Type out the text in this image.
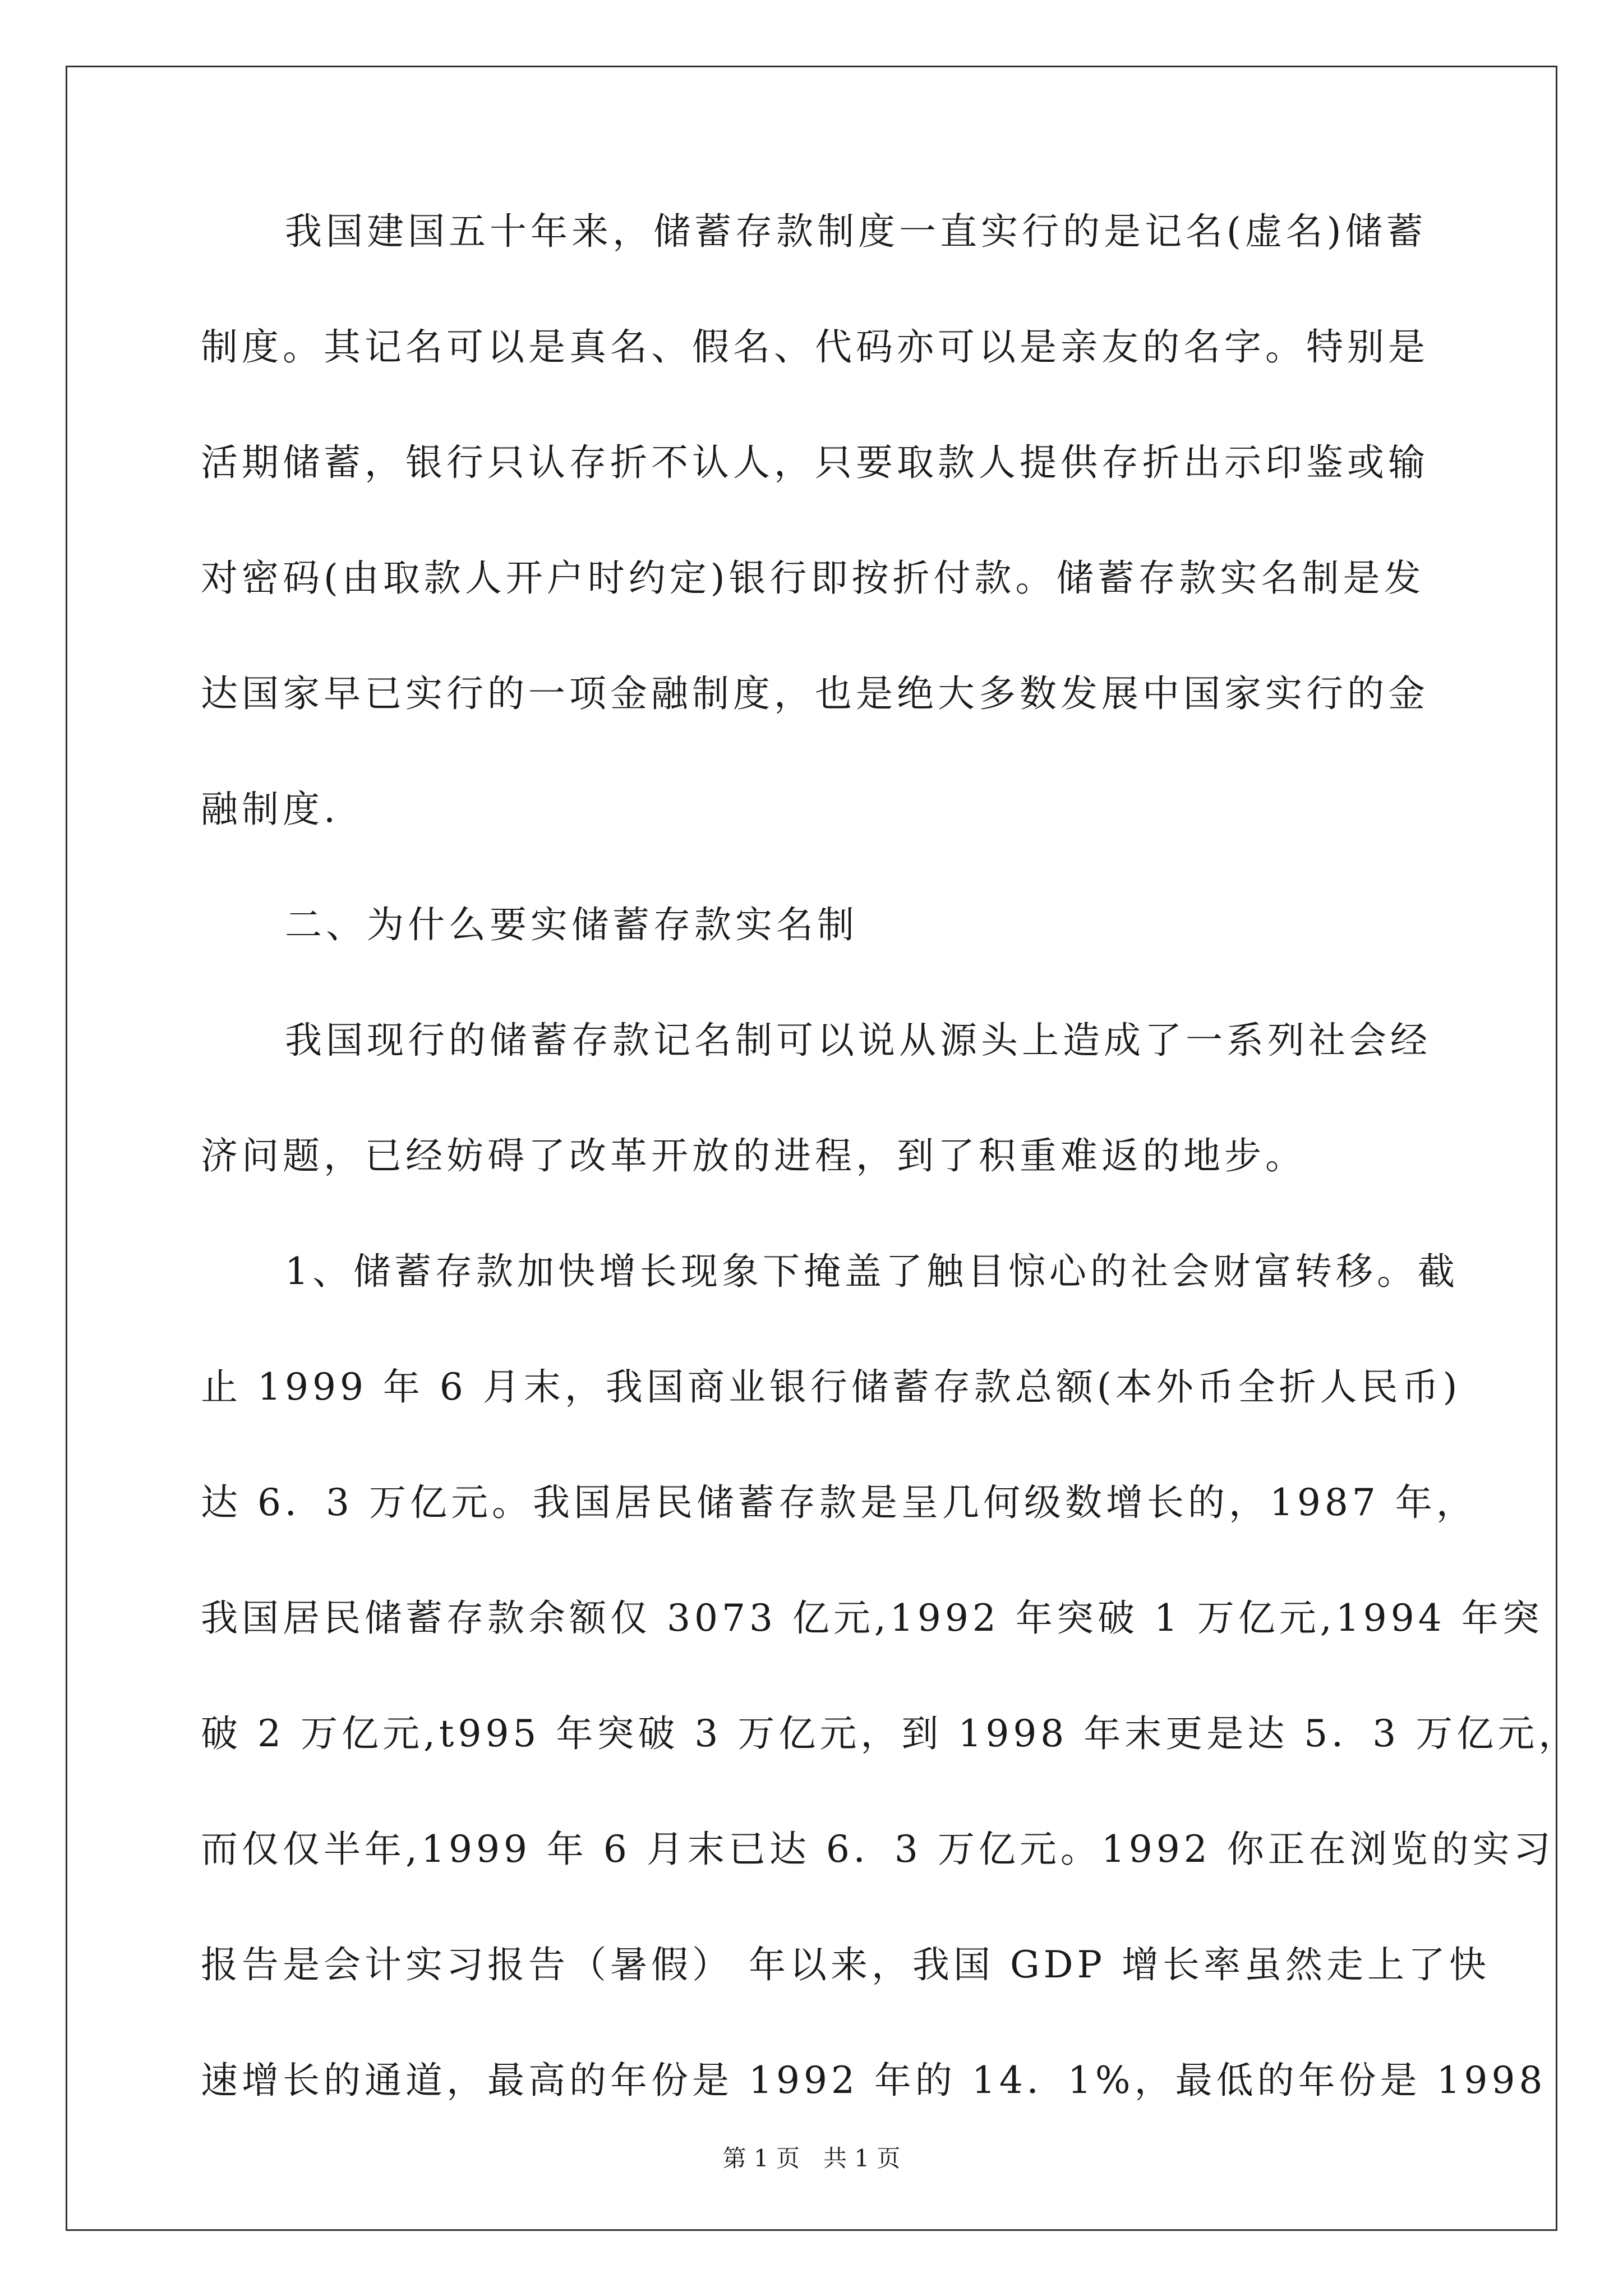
我国建国五十年来，储蓄存款制度一直实行的是记名(虚名)储蓄
制度。其记名可以是真名、假名、代码亦可以是亲友的名字。特别是
活期储蓄，银行只认存折不认人，只要取款人提供存折出示印鉴或输
对密码(由取款人开户时约定)银行即按折付款。储蓄存款实名制是发
达国家早已实行的一项金融制度，也是绝大多数发展中国家实行的金
融制度.
二、为什么要实储蓄存款实名制
我国现行的储蓄存款记名制可以说从源头上造成了一系列社会经
济问题，已经妨碍了改革开放的进程，到了积重难返的地步。
1、储蓄存款加快增长现象下掩盖了触目惊心的社会财富转移。截
止 1999 年 6 月末，我国商业银行储蓄存款总额(本外币全折人民币)
达 6．3 万亿元。我国居民储蓄存款是呈几何级数增长的，1987 年，
我国居民储蓄存款余额仅 3073 亿元,1992 年突破 1 万亿元,1994 年突
破 2 万亿元,t995 年突破 3 万亿元，到 1998 年末更是达 5．3 万亿元，
而仅仅半年,1999 年 6 月末已达 6．3 万亿元。1992 你正在浏览的实习
报告是会计实习报告（暑假） 年以来，我国 GDP 增长率虽然走上了快
速增长的通道，最高的年份是 1992 年的 14．1%，最低的年份是 1998
第 1 页　共 1 页
